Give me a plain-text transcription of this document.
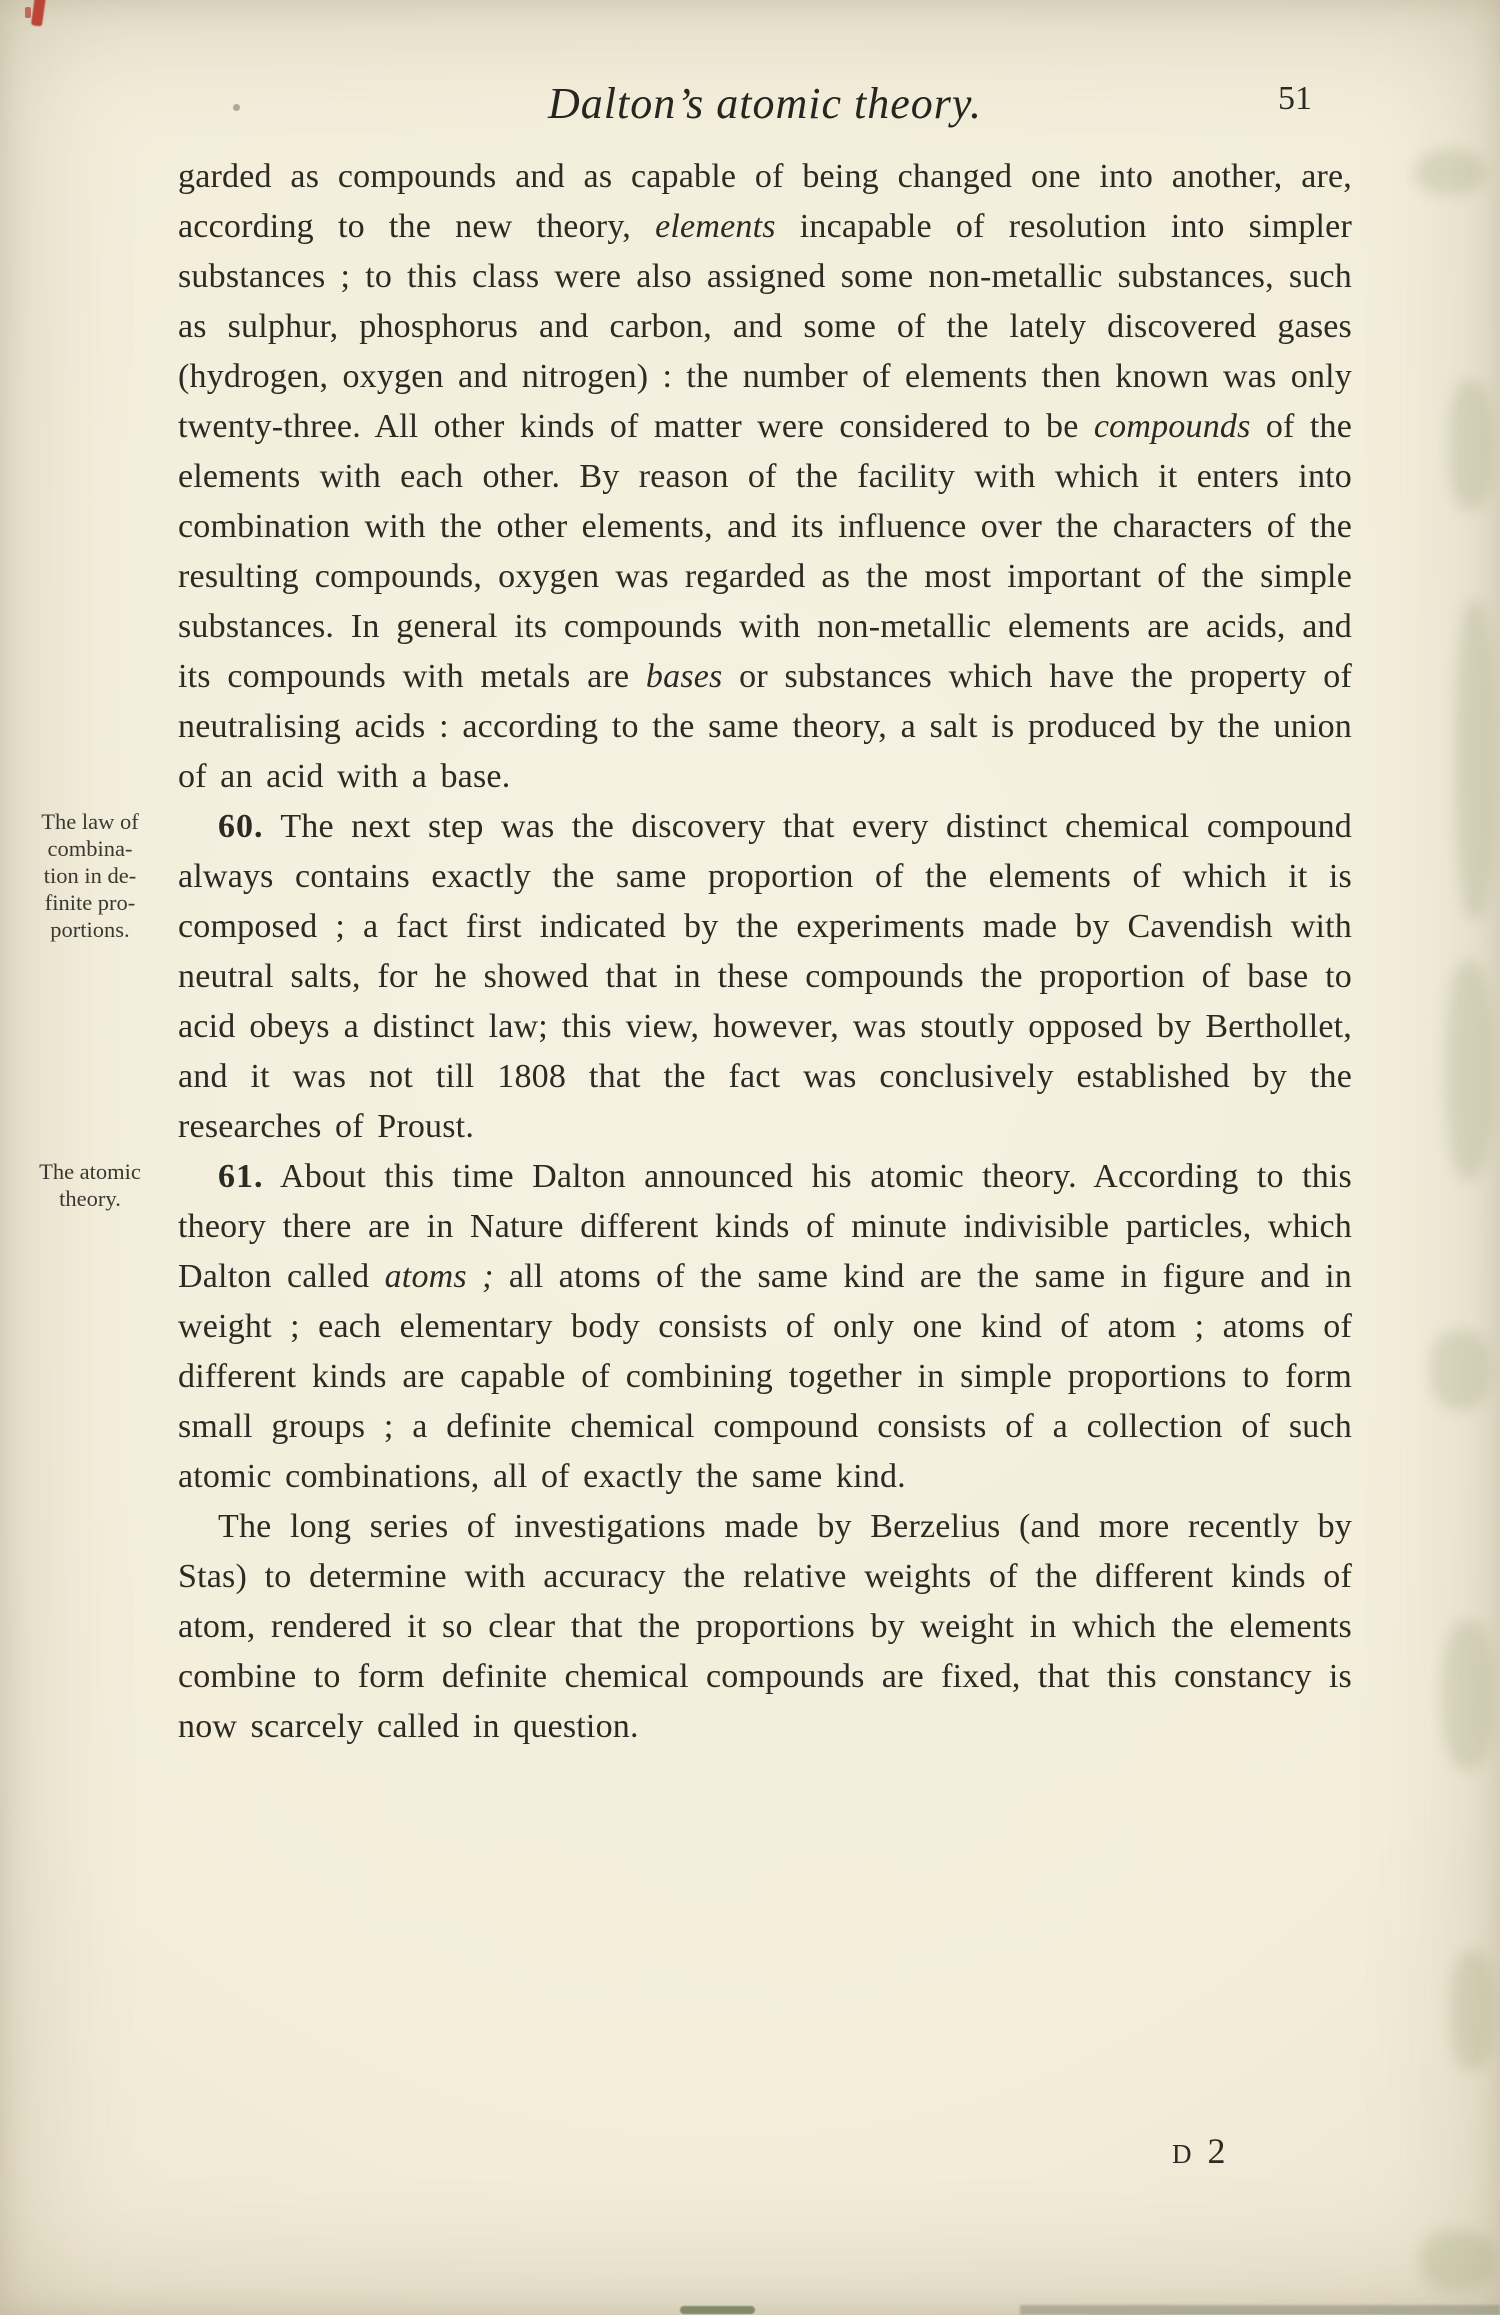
Dalton’s atomic theory.	51

garded as compounds and as capable of being changed one into another, are, according to the new theory, elements incapable of resolution into simpler substances ; to this class were also assigned some non-metallic substances, such as sulphur, phosphorus and carbon, and some of the lately discovered gases (hydrogen, oxygen and nitrogen) : the number of elements then known was only twenty-three. All other kinds of matter were considered to be compounds of the elements with each other. By reason of the facility with which it enters into combination with the other elements, and its influence over the characters of the resulting compounds, oxygen was regarded as the most important of the simple substances. In general its compounds with non-metallic elements are acids, and its compounds with metals are bases or substances which have the property of neutralising acids : according to the same theory, a salt is produced by the union of an acid with a base.

The law of
combina-
tion in de-
finite pro-
portions.
60. The next step was the discovery that every distinct chemical compound always contains exactly the same proportion of the elements of which it is composed ; a fact first indicated by the experiments made by Cavendish with neutral salts, for he showed that in these compounds the proportion of base to acid obeys a distinct law; this view, however, was stoutly opposed by Berthollet, and it was not till 1808 that the fact was conclusively established by the researches of Proust.

The atomic
theory.
61. About this time Dalton announced his atomic theory. According to this theory there are in Nature different kinds of minute indivisible particles, which Dalton called atoms ; all atoms of the same kind are the same in figure and in weight ; each elementary body consists of only one kind of atom ; atoms of different kinds are capable of combining together in simple proportions to form small groups ; a definite chemical compound consists of a collection of such atomic combinations, all of exactly the same kind.

The long series of investigations made by Berzelius (and more recently by Stas) to determine with accuracy the relative weights of the different kinds of atom, rendered it so clear that the proportions by weight in which the elements combine to form definite chemical compounds are fixed, that this constancy is now scarcely called in question.

D 2
